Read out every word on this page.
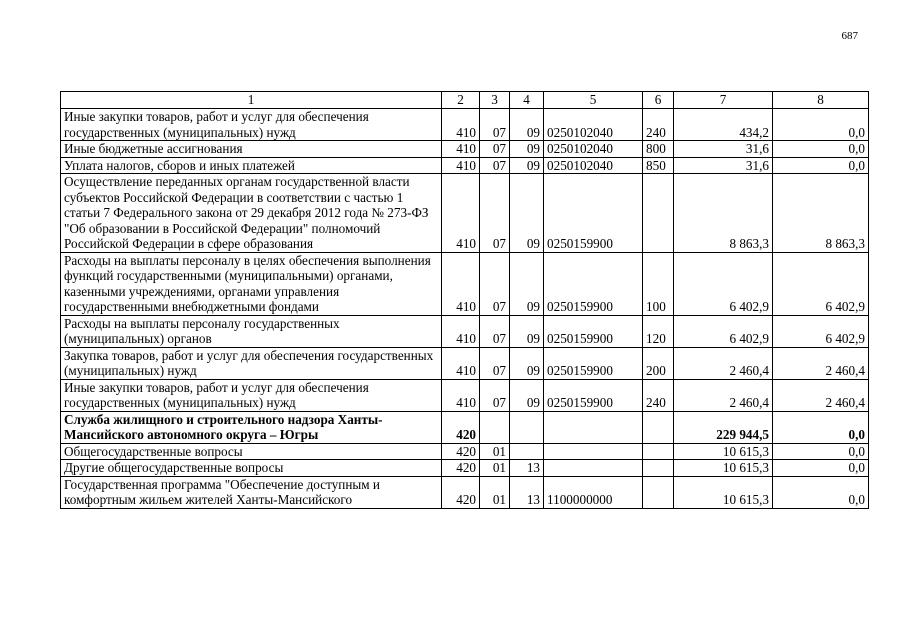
687
1	2	3	4	5	6	7	8
Иные закупки товаров, работ и услуг для обеспечения государственных (муниципальных) нужд	410	07	09	0250102040	240	434,2	0,0
Иные бюджетные ассигнования	410	07	09	0250102040	800	31,6	0,0
Уплата налогов, сборов и иных платежей	410	07	09	0250102040	850	31,6	0,0
Осуществление переданных органам государственной власти субъектов Российской Федерации в соответствии с частью 1 статьи 7 Федерального закона от 29 декабря 2012 года № 273-ФЗ "Об образовании в Российской Федерации" полномочий Российской Федерации в сфере образования	410	07	09	0250159900		8 863,3	8 863,3
Расходы на выплаты персоналу в целях обеспечения выполнения функций государственными (муниципальными) органами, казенными учреждениями, органами управления государственными внебюджетными фондами	410	07	09	0250159900	100	6 402,9	6 402,9
Расходы на выплаты персоналу государственных (муниципальных) органов	410	07	09	0250159900	120	6 402,9	6 402,9
Закупка товаров, работ и услуг для обеспечения государственных (муниципальных) нужд	410	07	09	0250159900	200	2 460,4	2 460,4
Иные закупки товаров, работ и услуг для обеспечения государственных (муниципальных) нужд	410	07	09	0250159900	240	2 460,4	2 460,4
Служба жилищного и строительного надзора Ханты-Мансийского автономного округа – Югры	420					229 944,5	0,0
Общегосударственные вопросы	420	01				10 615,3	0,0
Другие общегосударственные вопросы	420	01	13			10 615,3	0,0
Государственная программа "Обеспечение доступным и комфортным жильем жителей Ханты-Мансийского	420	01	13	1100000000		10 615,3	0,0
